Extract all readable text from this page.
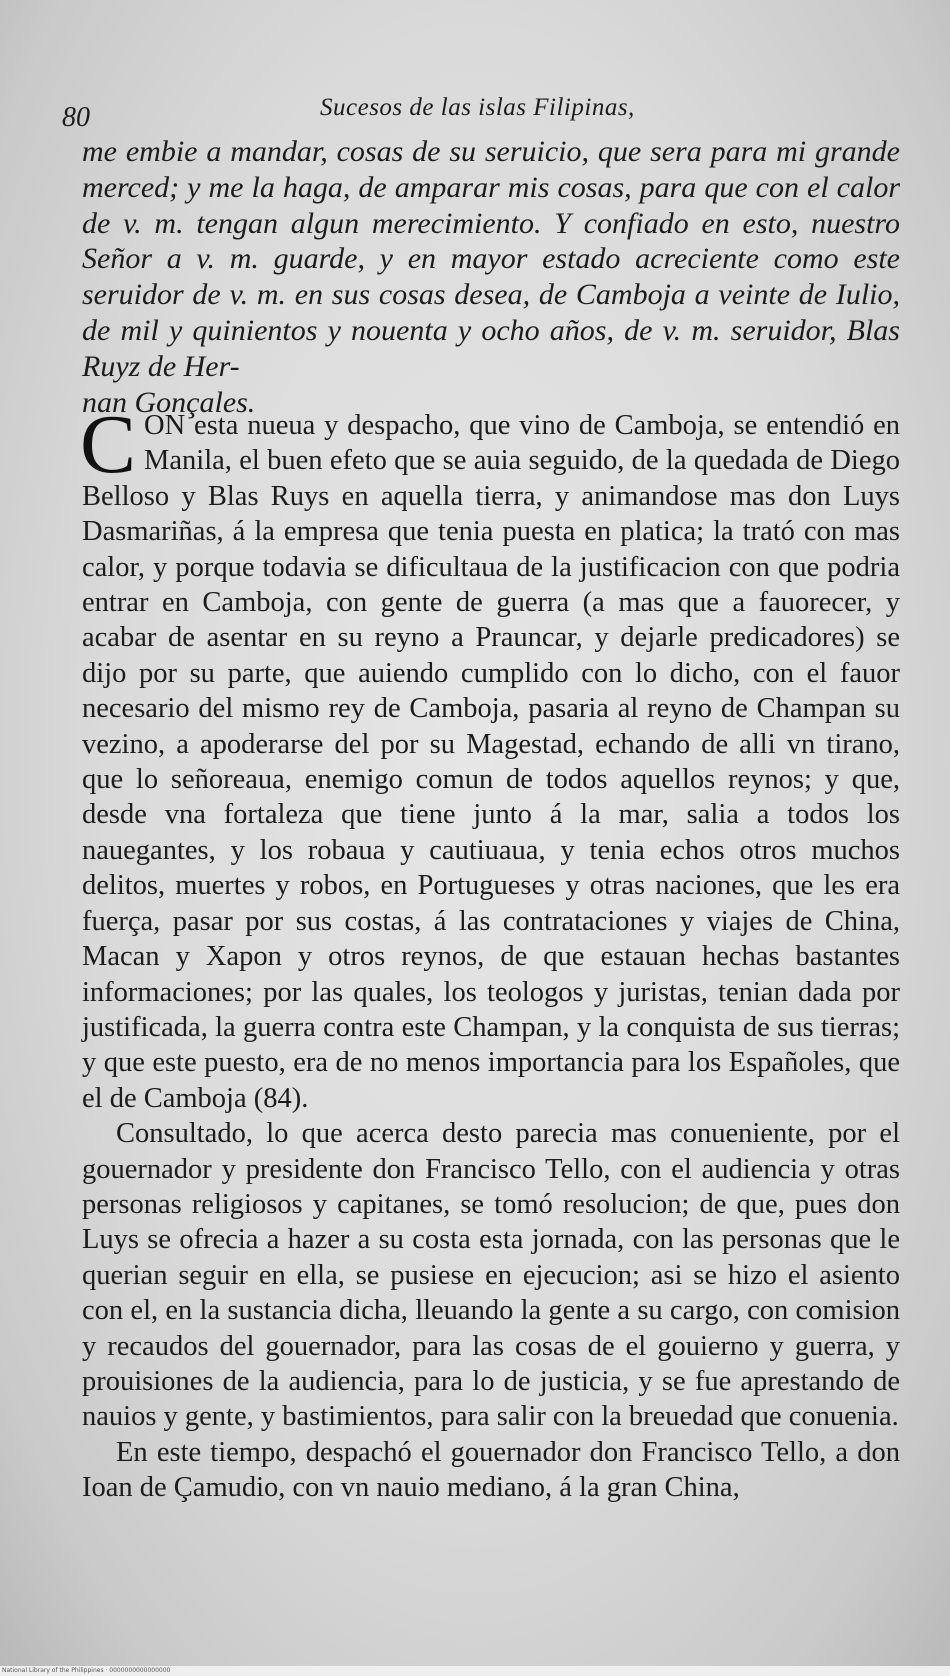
80	Sucesos de las islas Filipinas,
me embie a mandar, cosas de su seruicio, que sera para mi grande merced; y me la haga, de amparar mis cosas, para que con el calor de v. m. tengan algun merecimiento. Y confiado en esto, nuestro Señor a v. m. guarde, y en mayor estado acreciente como este seruidor de v. m. en sus cosas desea, de Camboja a veinte de Iulio, de mil y quinientos y nouenta y ocho años, de v. m. seruidor, Blas Ruyz de Her-
nan Gonçales.

CON esta nueua y despacho, que vino de Camboja, se entendió en Manila, el buen efeto que se auia seguido, de la quedada de Diego Belloso y Blas Ruys en aquella tierra, y animandose mas don Luys Dasmariñas, á la empresa que tenia puesta en platica; la trató con mas calor, y porque todavia se dificultaua de la justificacion con que podria entrar en Camboja, con gente de guerra (a mas que a fauorecer, y acabar de asentar en su reyno a Prauncar, y dejarle predicadores) se dijo por su parte, que auiendo cumplido con lo dicho, con el fauor necesario del mismo rey de Camboja, pasaria al reyno de Champan su vezino, a apoderarse del por su Magestad, echando de alli vn tirano, que lo señoreaua, enemigo comun de todos aquellos reynos; y que, desde vna fortaleza que tiene junto á la mar, salia a todos los nauegantes, y los robaua y cautiuaua, y tenia echos otros muchos delitos, muertes y robos, en Portugueses y otras naciones, que les era fuerça, pasar por sus costas, á las contrataciones y viajes de China, Macan y Xapon y otros reynos, de que estauan hechas bastantes informaciones; por las quales, los teologos y juristas, tenian dada por justificada, la guerra contra este Champan, y la conquista de sus tierras; y que este puesto, era de no menos importancia para los Españoles, que el de Camboja (84).

Consultado, lo que acerca desto parecia mas conueniente, por el gouernador y presidente don Francisco Tello, con el audiencia y otras personas religiosos y capitanes, se tomó resolucion; de que, pues don Luys se ofrecia a hazer a su costa esta jornada, con las personas que le querian seguir en ella, se pusiese en ejecucion; asi se hizo el asiento con el, en la sustancia dicha, lleuando la gente a su cargo, con comision y recaudos del gouernador, para las cosas de el gouierno y guerra, y prouisiones de la audiencia, para lo de justicia, y se fue aprestando de nauios y gente, y bastimientos, para salir con la breuedad que conuenia.

En este tiempo, despachó el gouernador don Francisco Tello, a don Ioan de Çamudio, con vn nauio mediano, á la gran China,

National Library of the Philippines · 0000000000000000
